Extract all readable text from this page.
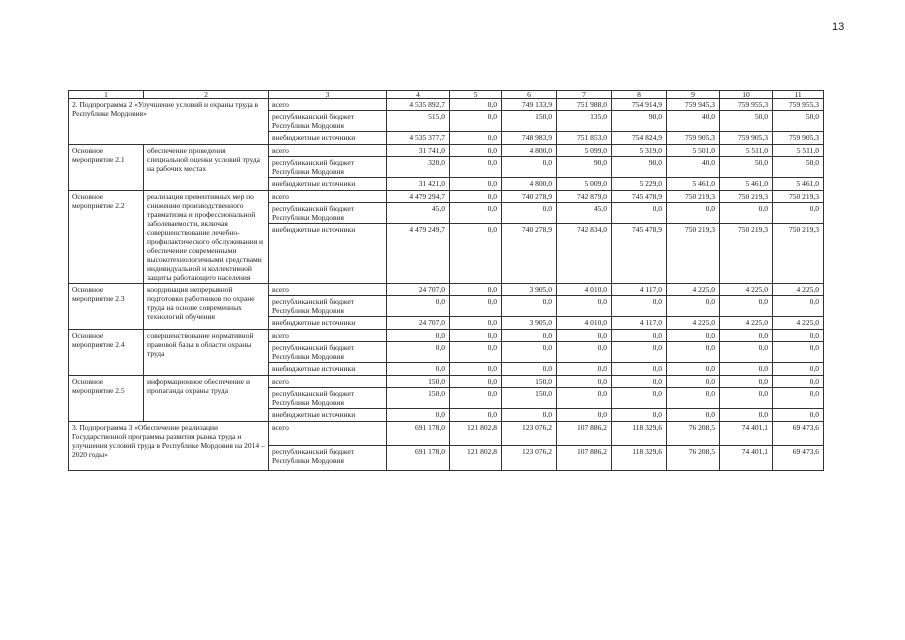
13
1	2	3	4	5	6	7	8	9	10	11
2. Подпрограмма 2 «Улучшение условий и охраны труда в Республике Мордовия»		всего	4 535 892,7	0,0	749 133,9	751 988,0	754 914,9	759 945,3	759 955,3	759 955,3
		республиканский бюджет Республики Мордовия	515,0	0,0	150,0	135,0	90,0	40,0	50,0	50,0
		внебюджетные источники	4 535 377,7	0,0	748 983,9	751 853,0	754 824,9	759 905,3	759 905,3	759 905,3
Основное мероприятие 2.1	обеспечение проведения специальной оценки условий труда на рабочих местах	всего	31 741,0	0,0	4 800,0	5 099,0	5 319,0	5 501,0	5 511,0	5 511,0
		республиканский бюджет Республики Мордовия	320,0	0,0	0,0	90,0	90,0	40,0	50,0	50,0
		внебюджетные источники	31 421,0	0,0	4 800,0	5 009,0	5 229,0	5 461,0	5 461,0	5 461,0
Основное мероприятие 2.2	реализация превентивных мер по снижению производственного травматизма и профессиональной заболеваемости, включая совершенствование лечебно-профилактического обслуживания и обеспечение современными высокотехнологичными средствами индивидуальной и коллективной защиты работающего населения	всего	4 479 294,7	0,0	740 278,9	742 879,0	745 478,9	750 219,3	750 219,3	750 219,3
		республиканский бюджет Республики Мордовия	45,0	0,0	0,0	45,0	0,0	0,0	0,0	0,0
		внебюджетные источники	4 479 249,7	0,0	740 278,9	742 834,0	745 478,9	750 219,3	750 219,3	750 219,3
Основное мероприятие 2.3	координация непрерывной подготовки работников по охране труда на основе современных технологий обучения	всего	24 707,0	0,0	3 905,0	4 010,0	4 117,0	4 225,0	4 225,0	4 225,0
		республиканский бюджет Республики Мордовия	0,0	0,0	0,0	0,0	0,0	0,0	0,0	0,0
		внебюджетные источники	24 707,0	0,0	3 905,0	4 010,0	4 117,0	4 225,0	4 225,0	4 225,0
Основное мероприятие 2.4	совершенствование нормативной правовой базы в области охраны труда	всего	0,0	0,0	0,0	0,0	0,0	0,0	0,0	0,0
		республиканский бюджет Республики Мордовия	0,0	0,0	0,0	0,0	0,0	0,0	0,0	0,0
		внебюджетные источники	0,0	0,0	0,0	0,0	0,0	0,0	0,0	0,0
Основное мероприятие 2.5	информационное обеспечение и пропаганда охраны труда	всего	150,0	0,0	150,0	0,0	0,0	0,0	0,0	0,0
		республиканский бюджет Республики Мордовия	150,0	0,0	150,0	0,0	0,0	0,0	0,0	0,0
		внебюджетные источники	0,0	0,0	0,0	0,0	0,0	0,0	0,0	0,0
3. Подпрограмма 3 «Обеспечение реализации Государственной программы развития рынка труда и улучшения условий труда в Республике Мордовия на 2014 – 2020 годы»		всего	691 178,0	121 802,8	123 076,2	107 886,2	118 329,6	76 208,5	74 401,1	69 473,6
		республиканский бюджет Республики Мордовия	691 178,0	121 802,8	123 076,2	107 886,2	118 329,6	76 208,5	74 401,1	69 473,6
